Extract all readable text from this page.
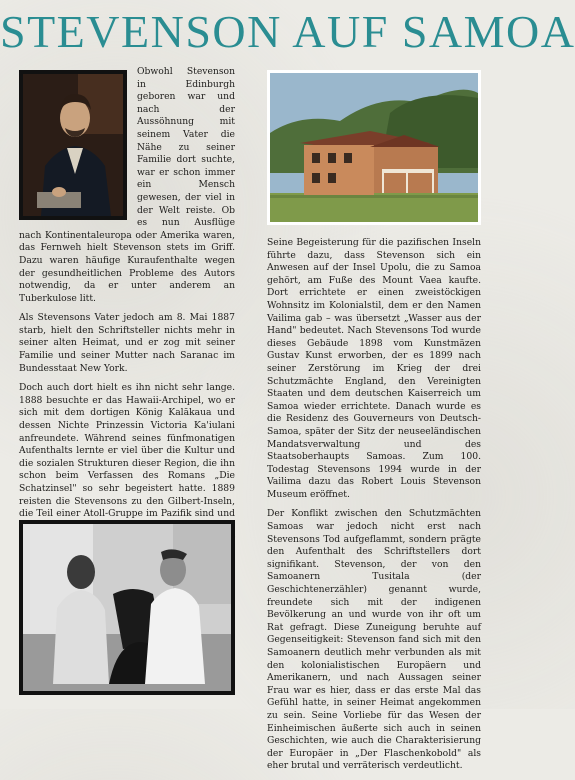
STEVENSON AUF SAMOA

Obwohl Stevenson in Edinburgh geboren war und nach der Aussöhnung mit seinem Vater die Nähe zu seiner Familie dort suchte, war er schon immer ein Mensch gewesen, der viel in der Welt reiste. Ob es nun Ausflüge nach Kontinentaleuropa oder Amerika waren, das Fernweh hielt Stevenson stets im Griff. Dazu waren häufige Kuraufenthalte wegen der gesundheitlichen Probleme des Autors notwendig, da er unter anderem an Tuberkulose litt.

Als Stevensons Vater jedoch am 8. Mai 1887 starb, hielt den Schriftsteller nichts mehr in seiner alten Heimat, und er zog mit seiner Familie und seiner Mutter nach Saranac im Bundesstaat New York.

Doch auch dort hielt es ihn nicht sehr lange. 1888 besuchte er das Hawaii-Archipel, wo er sich mit dem dortigen König Kalākaua und dessen Nichte Prinzessin Victoria Ka'iulani anfreundete. Während seines fünfmonatigen Aufenthalts lernte er viel über die Kultur und die sozialen Strukturen dieser Region, die ihn schon beim Verfassen des Romans „Die Schatzinsel" so sehr begeistert hatte. 1889 reisten die Stevensons zu den Gilbert-Inseln, die Teil einer Atoll-Gruppe im Pazifik sind und

Seine Begeisterung für die pazifischen Inseln führte dazu, dass Stevenson sich ein Anwesen auf der Insel Upolu, die zu Samoa gehört, am Fuße des Mount Vaea kaufte. Dort errichtete er einen zweistöckigen Wohnsitz im Kolonialstil, dem er den Namen Vailima gab – was übersetzt „Wasser aus der Hand" bedeutet. Nach Stevensons Tod wurde dieses Gebäude 1898 vom Kunstmäzen Gustav Kunst erworben, der es 1899 nach seiner Zerstörung im Krieg der drei Schutzmächte England, den Vereinigten Staaten und dem deutschen Kaiserreich um Samoa wieder errichtete. Danach wurde es die Residenz des Gouverneurs von Deutsch-Samoa, später der Sitz der neuseeländischen Mandatsverwaltung und des Staatsoberhaupts Samoas. Zum 100. Todestag Stevensons 1994 wurde in der Vailima dazu das Robert Louis Stevenson Museum eröffnet.

Der Konflikt zwischen den Schutzmächten Samoas war jedoch nicht erst nach Stevensons Tod aufgeflammt, sondern prägte den Aufenthalt des Schriftstellers dort signifikant. Stevenson, der von den Samoanern Tusitala (der Geschichtenerzähler) genannt wurde, freundete sich mit der indigenen Bevölkerung an und wurde von ihr oft um Rat gefragt. Diese Zuneigung beruhte auf Gegenseitigkeit: Stevenson fand sich mit den Samoanern deutlich mehr verbunden als mit den kolonialistischen Europäern und Amerikanern, und nach Aussagen seiner Frau war es hier, dass er das erste Mal das Gefühl hatte, in seiner Heimat angekommen zu sein. Seine Vorliebe für das Wesen der Einheimischen äußerte sich auch in seinen Geschichten, wie auch die Charakterisierung der Europäer in „Der Flaschenkobold" als eher brutal und verräterisch verdeutlicht.
